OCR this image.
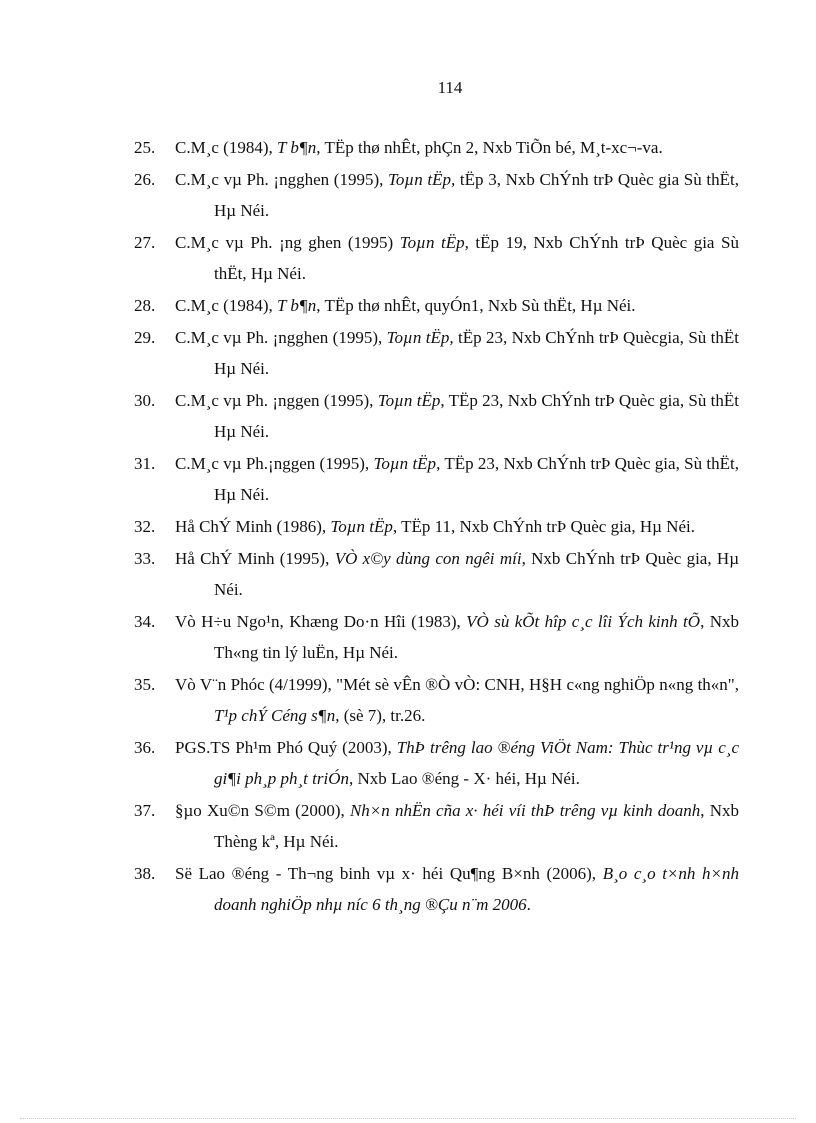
114
25. C.M¸c (1984), T b¶n, TËp thø nhÊt, phÇn 2, Nxb TiÕn bé, M¸t-xc¬-va.
26. C.M¸c vµ Ph. ¡ngghen (1995), Toµn tËp, tËp 3, Nxb ChÝnh trÞ Quèc gia Sù thËt, Hµ Néi.
27. C.M¸c vµ Ph. ¡ng ghen (1995) Toµn tËp, tËp 19, Nxb ChÝnh trÞ Quèc gia Sù thËt, Hµ Néi.
28. C.M¸c (1984), T b¶n, TËp thø nhÊt, quyÓn1, Nxb Sù thËt, Hµ Néi.
29. C.M¸c vµ Ph. ¡ngghen (1995), Toµn tËp, tËp 23, Nxb ChÝnh trÞ Quècgia, Sù thËt Hµ Néi.
30. C.M¸c vµ Ph. ¡nggen (1995), Toµn tËp, TËp 23, Nxb ChÝnh trÞ Quèc gia, Sù thËt Hµ Néi.
31. C.M¸c vµ Ph.¡nggen (1995), Toµn tËp, TËp 23, Nxb ChÝnh trÞ Quèc gia, Sù thËt, Hµ Néi.
32. Hå ChÝ Minh (1986), Toµn tËp, TËp 11, Nxb ChÝnh trÞ Quèc gia, Hµ Néi.
33. Hå ChÝ Minh (1995), VÒ x©y dùng con ngêi míi, Nxb ChÝnh trÞ Quèc gia, Hµ Néi.
34. Vò H÷u Ngo¹n, Khæng Do·n Hîi (1983), VÒ sù kÕt hîp c¸c lîi Ých kinh tÕ, Nxb Th«ng tin lý luËn, Hµ Néi.
35. Vò V¨n Phóc (4/1999), "Mét sè vÊn ®Ò vÒ: CNH, H§H c«ng nghiÖp n«ng th«n", T¹p chÝ Céng s¶n, (sè 7), tr.26.
36. PGS.TS Ph¹m Phó Quý (2003), ThÞ trêng lao ®éng ViÖt Nam: Thùc tr¹ng vµ c¸c gi¶i ph¸p ph¸t triÓn, Nxb Lao ®éng - X· héi, Hµ Néi.
37. §µo Xu©n S©m (2000), Nh×n nhËn cña x· héi víi thÞ trêng vµ kinh doanh, Nxb Thèng kª, Hµ Néi.
38. Së Lao ®éng - Th¬ng binh vµ x· héi Qu¶ng B×nh (2006), B¸o c¸o t×nh h×nh doanh nghiÖp nhµ níc 6 th¸ng ®Çu n¨m 2006.
